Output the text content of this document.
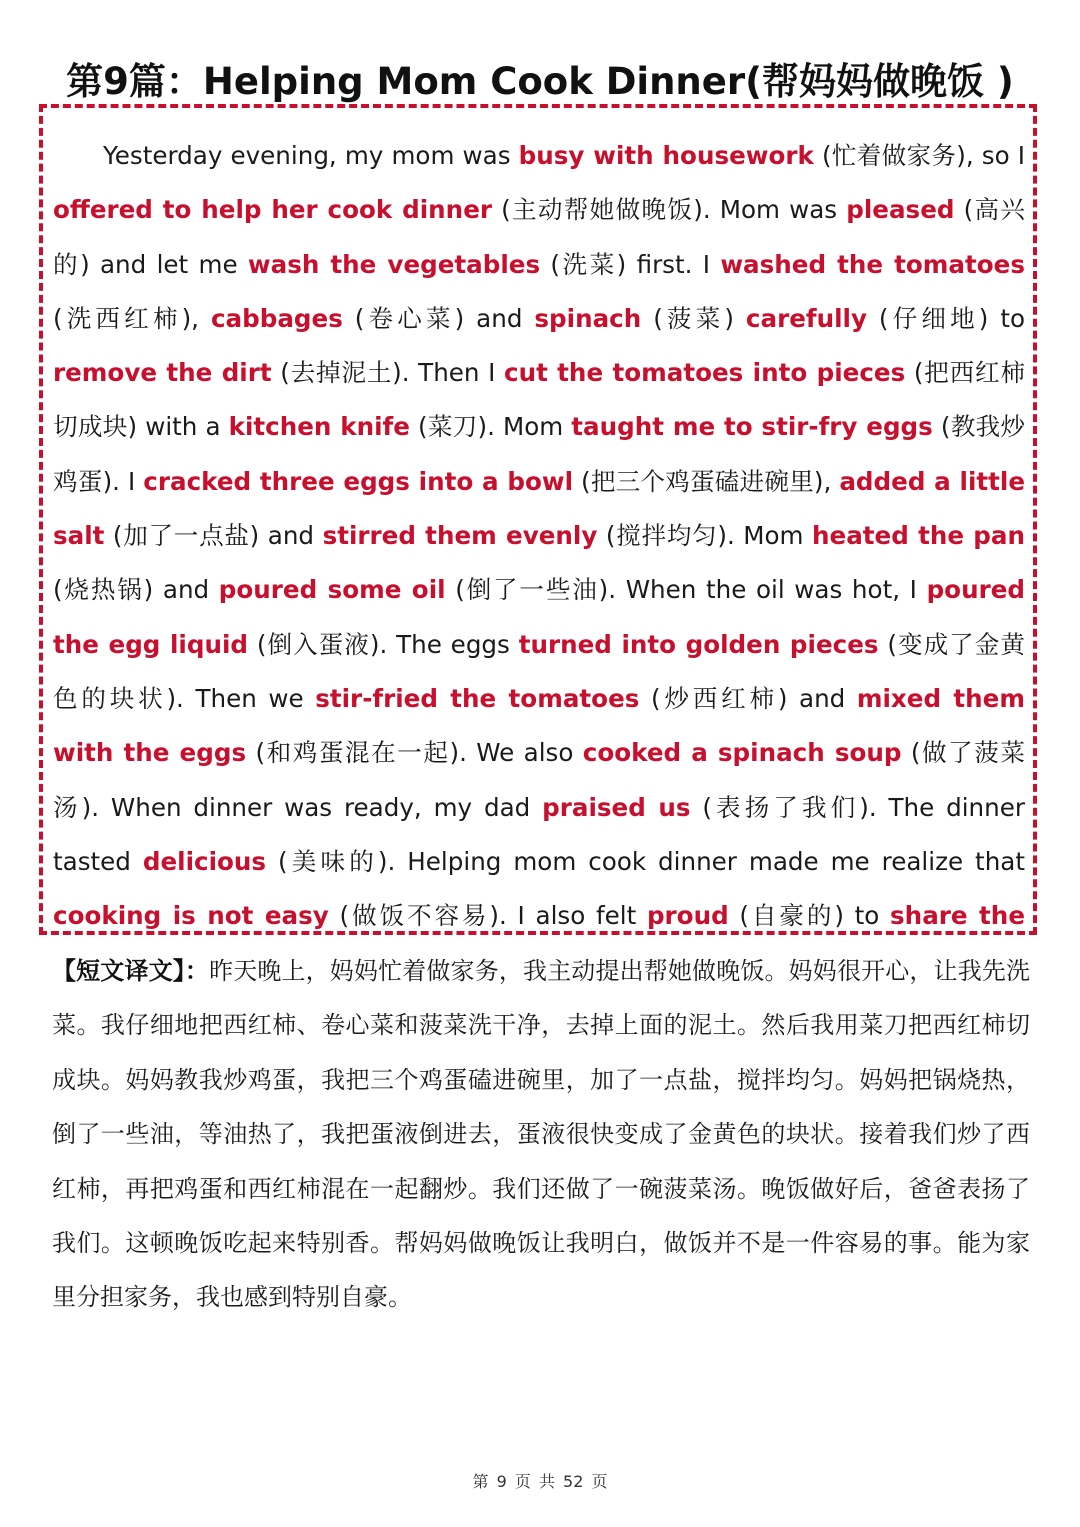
第9篇：Helping Mom Cook Dinner(帮妈妈做晚饭 )

Yesterday evening, my mom was busy with housework (忙着做家务), so I offered to help her cook dinner (主动帮她做晚饭). Mom was pleased (高兴的) and let me wash the vegetables (洗菜) first. I washed the tomatoes (洗西红柿), cabbages (卷心菜) and spinach (菠菜) carefully (仔细地) to remove the dirt (去掉泥土). Then I cut the tomatoes into pieces (把西红柿切成块) with a kitchen knife (菜刀). Mom taught me to stir-fry eggs (教我炒鸡蛋). I cracked three eggs into a bowl (把三个鸡蛋磕进碗里), added a little salt (加了一点盐) and stirred them evenly (搅拌均匀). Mom heated the pan (烧热锅) and poured some oil (倒了一些油). When the oil was hot, I poured the egg liquid (倒入蛋液). The eggs turned into golden pieces (变成了金黄色的块状). Then we stir-fried the tomatoes (炒西红柿) and mixed them with the eggs (和鸡蛋混在一起). We also cooked a spinach soup (做了菠菜汤). When dinner was ready, my dad praised us (表扬了我们). The dinner tasted delicious (美味的). Helping mom cook dinner made me realize that cooking is not easy (做饭不容易). I also felt proud (自豪的) to share the

【短文译文】：昨天晚上，妈妈忙着做家务，我主动提出帮她做晚饭。妈妈很开心，让我先洗菜。我仔细地把西红柿、卷心菜和菠菜洗干净，去掉上面的泥土。然后我用菜刀把西红柿切成块。妈妈教我炒鸡蛋，我把三个鸡蛋磕进碗里，加了一点盐，搅拌均匀。妈妈把锅烧热，倒了一些油，等油热了，我把蛋液倒进去，蛋液很快变成了金黄色的块状。接着我们炒了西红柿，再把鸡蛋和西红柿混在一起翻炒。我们还做了一碗菠菜汤。晚饭做好后，爸爸表扬了我们。这顿晚饭吃起来特别香。帮妈妈做晚饭让我明白，做饭并不是一件容易的事。能为家里分担家务，我也感到特别自豪。

第 9 页 共 52 页
